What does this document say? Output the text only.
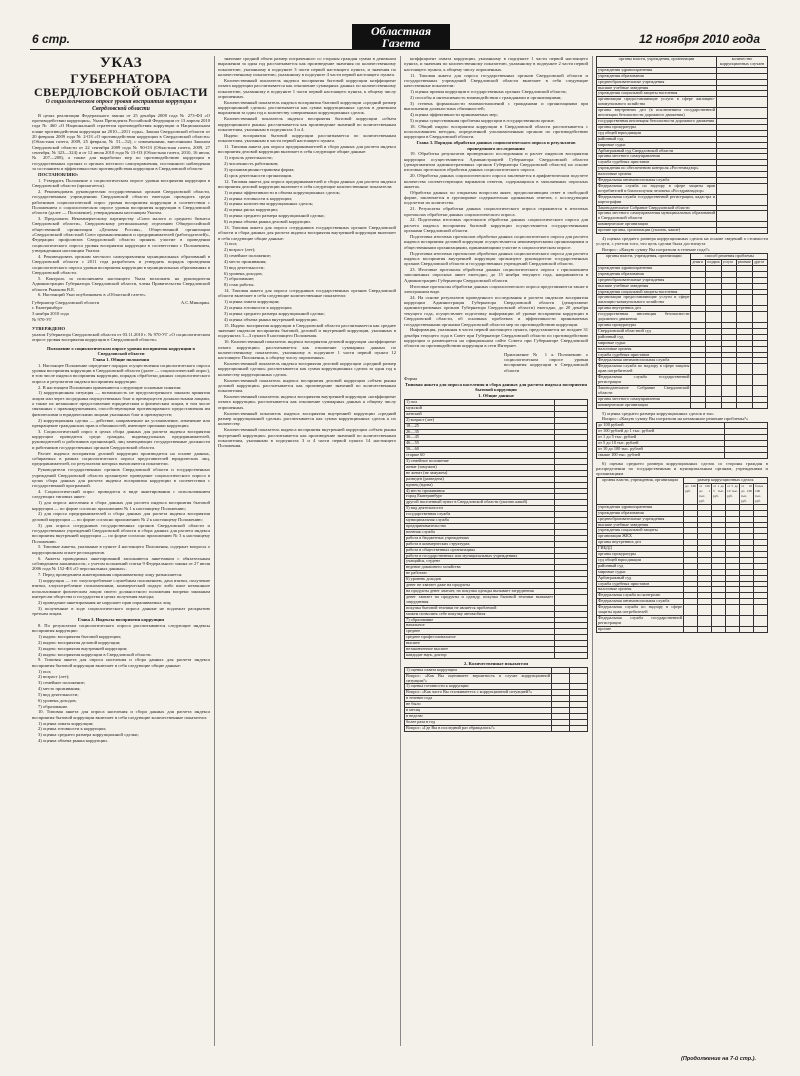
6 стр.
Областная
Газета	12 ноября 2010 года

УКАЗ

ГУБЕРНАТОРА

СВЕРДЛОВСКОЙ ОБЛАСТИ

О социологическом опросе уровня восприятия коррупции в Свердловской области

В целях реализации Федерального закона от 25 декабря 2008 года № 273-ФЗ «О противодействии коррупции», Указа Президента Российской Федерации от 13 апреля 2010 года № 460 «О Национальной стратегии противодействия коррупции и Национальном плане противодействия коррупции на 2010—2011 годы», Закона Свердловской области от 20 февраля 2009 года № 2-ОЗ «О противодействии коррупции в Свердловской области» (Областная газета, 2009, 25 февраля, № 51—52), с изменениями, внесенными Законом Свердловской области от 22 сентября 2009 года № 90-ОЗ (Областная газета, 2009, 27 сентября, № 323—324) и от 12 июля 2010 года № 13-ОЗ (Областная газета, 2010, 16 июля, № 207—208), а также для выработки мер по противодействию коррупции в государственных органах и органах местного самоуправления, постоянного наблюдения за состоянием и эффективностью противодействия коррупции в Свердловской области

ПОСТАНОВЛЯЮ:

1. Утвердить Положение о социологическом опросе уровня восприятия коррупции в Свердловской области (прилагается).

2. Рекомендовать руководителям государственных органов Свердловской области, государственным учреждениям Свердловской области ежегодно проводить среди работников социологический опрос уровня восприятия коррупции в соответствии с Положением о социологическом опросе уровня восприятия коррупции в Свердловской области (далее — Положение), утвержденным настоящим Указом.

3. Предложить Некоммерческому партнерству «Союз малого и среднего бизнеса Свердловской области», Свердловскому региональному отделению Общероссийской общественной организации «Деловая Россия», Общественной организации «Свердловский областной Союз промышленников и предпринимателей (работодателей)», Федерации профсоюзов Свердловской области принять участие в проведении социологического опроса уровня восприятия коррупции в соответствии с Положением, утвержденным настоящим Указом.

4. Рекомендовать органам местного самоуправления муниципальных образований в Свердловской области с 2011 года разработать и утвердить порядок проведения социологического опроса уровня восприятия коррупции в муниципальных образованиях в Свердловской области.

5. Контроль за исполнением настоящего Указа возложить на руководителя Администрации Губернатора Свердловской области, члена Правительства Свердловской области Рыжкова В.Е.

6. Настоящий Указ опубликовать в «Областной газете».

Губернатор Свердловской области	А.С.Мишарин.

г. Екатеринбург

3 ноября 2010 года

№ 970-УГ

УТВЕРЖДЕНО

указом Губернатора Свердловской области от 03.11.2010 г. № 970-УГ «О социологическом опросе уровня восприятия коррупции в Свердловской области»

Положение о социологическом опросе уровня восприятия коррупции в Свердловской области

Глава 1. Общие положения

1. Настоящее Положение определяет порядок осуществления социологического опроса уровня восприятия коррупции в Свердловской области (далее — социологический опрос), в том числе индекса восприятия коррупции, порядок обработки данных социологического опроса и результатов индекса восприятия коррупции.

2. В настоящем Положении применяются следующие основные понятия:

1) коррупционная ситуация — возможность не предусмотренного законом принятия лицом или через посредника имущественных благ и преимуществ должностными лицами, а также их незаконное предоставление юридическим и физическим лицам, в том числе связанных с правонарушениями, способствующими противоправного предоставления им физическими и юридическими лицами указанных благ и преимуществ;

2) коррупционная сделка — действие, направленное на установление, изменение или прекращение гражданских прав и обязанностей, имеющее признаки коррупции;

3. Социологический опрос в целях сбора данных для расчета индекса восприятия коррупции проводится среди граждан, индивидуальных предпринимателей, руководителей и работников организаций, лиц замещающих государственные должности и работников государственных органов Свердловской области.

Расчет индекса восприятия деловой коррупции производится на основе данных, собираемых в рамках социологического опроса представителей юридических лиц, предпринимателей, по результатам которых вычисляются показатели.

Руководители государственных органов Свердловской области и государственных учреждений Свердловской области организуют проведение социологического опроса в целях сбора данных для расчета индекса восприятия коррупции в соответствии с государственной программой.

4. Социологический опрос проводится в виде анкетирования с использованием следующих типовых анкет:

1) для опроса населения и сбора данных для расчета индекса восприятия бытовой коррупции — по форме согласно приложению № 1 к настоящему Положению;

2) для опроса предпринимателей и сбора данных для расчета индекса восприятия деловой коррупции — по форме согласно приложению № 2 к настоящему Положению;

3) для опроса сотрудников государственных органов Свердловской области и государственных учреждений Свердловской области и сбора данных для расчета индекса восприятия внутренней коррупции — по форме согласно приложению № 3 к настоящему Положению.

5. Типовые анкеты, указанные в пункте 4 настоящего Положения, содержат вопросы о коррупционном опыте респондентов.

6. Анкеты проводимых анкетирований заполняются анкетчиком с обязательным соблюдением анонимности, с учетом положений статьи 9 Федерального закона от 27 июля 2006 года № 152-ФЗ «О персональных данных».

7. Перед проведением анкетирования опрашиваемому лицу разъясняется:

1) коррупция — это злоупотребление служебным положением, дача взятки, получение взятки, злоупотребление полномочиями, коммерческий подкуп либо иное незаконное использование физическим лицом своего должностного положения вопреки законным интересам общества и государства в целях получения выгоды;

2) проведение анкетирования не нарушает прав опрашиваемых лиц;

3) полученные в ходе социологического опроса данные не подлежат раскрытию третьим лицам.

Глава 2. Индексы восприятия коррупции

8. По результатам социологического опроса рассчитываются следующие индексы восприятия коррупции:

1) индекс восприятия бытовой коррупции;

2) индекс восприятия деловой коррупции;

3) индекс восприятия внутренней коррупции;

4) индекс восприятия коррупции в Свердловской области.

9. Типовая анкета для опроса населения и сбора данных для расчета индекса восприятия бытовой коррупции включает в себя следующие общие данные:

1) пол;

2) возраст (лет);

3) семейное положение;

4) место проживания;

5) вид деятельности;

6) уровень доходов;

7) образование.

10. Типовая анкета для опроса населения и сбора данных для расчета индекса восприятия бытовой коррупции включает в себя следующие количественные показатели:

1) оценка охвата коррупции;

2) оценка готовности к коррупции;

3) оценка среднего размера коррупционной сделки;

4) оценка объема рынка коррупции.

значение средний объем размер потраченного со стороны граждан сумма в денежном выражении за один год рассчитывается как произведение значения по количественному показателю, указанному в подпункте 3 части первой настоящего пункта, и значения по количественному показателю, указанному в подпункте 4 части первой настоящего пункта.

Количественный показатель индекса восприятия бытовой коррупции коэффициент охвата коррупции рассчитывается как отношение суммарных данных по количественному показателю, указанному в подпункте 1 части первой настоящего пункта, к общему числу опрошенных.

Количественный показатель индекса восприятия бытовой коррупции «средний размер коррупционной сделки» рассчитывается как сумма коррупционных сделок в денежном выражении за один год к количеству совершенных коррупционных сделок.

Количественный показатель индекса восприятия бытовой коррупции «объем коррупционного рынка» рассчитывается как произведение значений по количественным показателям, указанным в подпунктах 3 и 4.

Индекс восприятия бытовой коррупции рассчитывается по количественным показателям, указанным в части первой настоящего пункта.

11. Типовая анкета для опроса предпринимателей и сбора данных для расчета индекса восприятия деловой коррупции включает в себя следующие общие данные:

1) отрасль деятельности;

2) численность работников;

3) организационно-правовая форма;

4) срок деятельности организации.

12. Типовая анкета для опроса предпринимателей и сбора данных для расчета индекса восприятия деловой коррупции включает в себя следующие количественные показатели:

1) оценка эффективности и объема коррупционных сделок;

2) оценка готовности к коррупции;

3) оценка количества коррупционных сделок;

4) оценка риска коррупции;

5) оценка среднего размера коррупционной сделки;

6) оценка объема рынка деловой коррупции.

13. Типовая анкета для опроса сотрудников государственных органов Свердловской области и сбора данных для расчета индекса восприятия внутренней коррупции включает в себя следующие общие данные:

1) пол;

2) возраст (лет);

3) семейное положение;

4) место проживания;

5) вид деятельности;

6) уровень доходов;

7) образование;

8) стаж работы.

14. Типовая анкета для опроса сотрудников государственных органов Свердловской области включает в себя следующие количественные показатели:

1) оценка охвата коррупции;

2) оценка готовности к коррупции;

3) оценка среднего размера коррупционной сделки;

4) оценка объема рынка внутренней коррупции.

15. Индекс восприятия коррупции в Свердловской области рассчитывается как среднее значение индексов восприятия бытовой, деловой и внутренней коррупции, указанных в подпунктах 1—3 пункта 8 настоящего Положения.

16. Количественный показатель индекса восприятия деловой коррупции «коэффициент охвата коррупции» рассчитывается как отношение суммарных данных по количественному показателю, указанному в подпункте 1 части первой пункта 12 настоящего Положения, к общему числу опрошенных.

Количественный показатель индекса восприятия деловой коррупции «средний размер коррупционной сделки» рассчитывается как сумма коррупционных сделок за один год к количеству коррупционных сделок.

Количественный показатель индекса восприятия деловой коррупции «объем рынка деловой коррупции» рассчитывается как произведение значений по количественным показателям.

Количественный показатель индекса восприятия внутренней коррупции «коэффициент охвата коррупции» рассчитывается как отношение суммарных данных к общему числу опрошенных.

Количественный показатель индекса восприятия внутренней коррупции «средний размер коррупционной сделки» рассчитывается как сумма коррупционных сделок к их количеству.

Количественный показатель индекса восприятия внутренней коррупции «объем рынка внутренней коррупции» рассчитывается как произведение значений по количественным показателям, указанным в подпунктах 3 и 4 части первой пункта 14 настоящего Положения.

коэффициент охвата коррупции, указанному в подпункте 1 части первой настоящего пункта, и значения по количественному показателю, указанному в подпункте 2 части первой настоящего пункта, к общему числу опрошенных.

11. Типовая анкета для опроса государственных органов Свердловской области и государственных учреждений Свердловской области включает в себя следующие качественные показатели:

1) оценка причин коррупции в государственных органах Свердловской области;

2) способы и интенсивность взаимодействия с гражданами и организациями;

3) степень формальности взаимоотношений с гражданами и организациями при выполнении должностных обязанностей;

4) оценка эффективности принимаемых мер;

5) оценка существования проблемы коррупции в государственном органе.

18. Общий индекс восприятия коррупции в Свердловской области рассчитывается с использованием методик, определенной уполномоченным органом по противодействию коррупции в Свердловской области.

Глава 3. Порядок обработки данных социологического опроса и результатов проведенного исследования

19. Обработка результатов проведенного исследования и расчет индексов восприятия коррупции осуществляются Администрацией Губернатора Свердловской области (департаментом административных органов Губернатора Свердловской области) на основе итоговых протоколов обработки данных социологического опроса.

20. Обработка данных социологического опроса заключается в арифметическом подсчете количества соответствующих вариантов ответов, содержащихся в заполненных опросных анкетах.

Обработка данных по открытым вопросам анкет, предполагающим ответ в свободной форме, заключается в группировке содержательно одинаковых ответов, с последующим подсчетом их количества.

21. Результаты обработки данных социологического опроса отражаются в итоговых протоколах обработки данных социологического опроса.

22. Подготовка итоговых протоколов обработки данных социологического опроса для расчета индекса восприятия бытовой коррупции осуществляется государственными органами Свердловской области.

Подготовка итоговых протоколов обработки данных социологического опроса для расчета индекса восприятия деловой коррупции осуществляется некоммерческими организациями и общественными организациями, принимающими участие в социологическом опросе.

Подготовка итоговых протоколов обработки данных социологического опроса для расчета индекса восприятия внутренней коррупции организуют руководители государственных органов Свердловской области и государственных учреждений Свердловской области.

23. Итоговые протоколы обработки данных социологического опроса с приложением заполненных опросных анкет ежегодно, до 15 ноября текущего года, направляются в Администрацию Губернатора Свердловской области.

Итоговые протоколы обработки данных социологического опроса представляются также в электронном виде.

24. На основе результатов проведенного исследования и расчета индексов восприятия коррупции Администрация Губернатора Свердловской области (департамент административных органов Губернатора Свердловской области) ежегодно, до 20 декабря текущего года, осуществляет подготовку информации об уровне восприятия коррупции в Свердловской области, об основных проблемах и эффективности принимаемых государственными органами Свердловской области мер по противодействию коррупции.

Информация, указанная в части первой настоящего пункта, представляется не позднее 31 декабря текущего года в Совет при Губернаторе Свердловской области по противодействию коррупции и размещается на официальном сайте Совета при Губернаторе Свердловской области по противодействию коррупции в сети Интернет.

Приложение № 1 к Положению о социологическом опросе уровня восприятия коррупции в Свердловской области

Форма

Типовая анкета для опроса населения и сбора данных для расчета индекса восприятия бытовой коррупции

1. Общие данные

1) пол	
мужской	
женский	
2) возраст (лет)	
18—25	
26—35	
36—45	
46—55	
56—60	
старше 60	
3) семейное положение	
женат (замужем)	
не женат (не замужем)	
разведен (разведена)	
вдовец (вдова)	
4) место проживания	
город Екатеринбург	
другой населенный пункт в Свердловской области (указать какой)	
5) вид деятельности	
государственная служба	
муниципальная служба	
предпринимательство	
военная служба	
работа в бюджетных учреждениях	
работа в коммерческих структурах	
работа в общественных организациях	
работа в государственных или муниципальных учреждениях	
учащийся, студент	
ведение домашнего хозяйства	
не работаю	
6) уровень доходов	
денег не хватает даже на продукты	
на продукты денег хватает, но покупка одежды вызывает затруднения	
денег хватает на продукты и одежду, покупка бытовой техники вызывает затруднения	
покупка бытовой техники не является проблемой	
можем позволить себе покупку автомобиля	
7) образование	
начальное	
среднее	
среднее профессиональное	
высшее	
незаконченное высшее	
кандидат наук, доктор	

2. Количественные показатели

1) оценка охвата коррупции		
Вопрос: «Как Вы оцениваете вероятность в случае коррупционной ситуации?»		
1) оценка готовности к коррупции		
Вопрос: «Как часто Вы сталкиваетесь с коррупционной ситуацией?»		
в течение года		
не было		
в месяц		
в неделю		
более раза в год		
Вопрос: «Где Вы в последний раз обращались?»		
органы власти, учреждения, организации	количество коррупционных случаев
учреждения здравоохранения	
учреждения образования	
среднеобразовательные учреждения	
высшие учебные заведения	
учреждения социальной защиты населения	
организации предоставляющие услуги в сфере жилищно-коммунального хозяйства	
органы внутренних дел (в исключением государственной инспекции безопасности дорожного движения)	
государственная инспекция безопасности дорожного движения	
органы прокуратуры	
суд общей юрисдикции	
районный суд	
мировые судьи	
Арбитражный суд Свердловской области	
органы местного самоуправления	
служба судебных приставов	
учреждения по обеспечению контроля «Ростехнадзор»	
налоговые органы	
Федеральная антимонопольная служба	
Федеральная служба по надзору в сфере защиты прав потребителей и благополучия человека «Росздравнадзор»	
Федеральная служба государственной регистрации, кадастра и картографии	
Законодательное Собрание Свердловской области	
органы местного самоуправления муниципальных образований в Свердловской области	
коммерческие организации	
прочие органы, организации (указать, какие)	

4) оценка среднего размера коррупционных сделок на основе сведений о стоимости услуги, с учетом того, что цель сделки была достигнута

Вопрос: «Какую сумму Вы потратили в течение года?»

органы власти, учреждения, организации	способ решения проблемы				
	деньги	подарок	услуга	решение	другое
учреждения здравоохранения					
учреждения образования					
среднеобразовательные учреждения					
высшие учебные заведения					
учреждения социальной защиты населения					
организации предоставляющие услуги в сфере жилищно-коммунального хозяйства					
органы внутренних дел					
государственная инспекция безопасности дорожного движения					
органы прокуратуры					
Свердловский областной суд					
районный суд					
мировые судьи					
налоговые органы					
служба судебных приставов					
Федеральная антимонопольная служба					
Федеральная служба по надзору в сфере защиты прав потребителей					
Федеральная служба государственной регистрации					
Законодательное Собрание Свердловской области					
органы местного самоуправления					
коммерческие организации					

5) оценка среднего размера коррупционных сделок в тыс.

Вопрос: «Какую сумму Вы потратили на незаконное решение проблемы?»

до 100 рублей	
от 100 рублей до 1 тыс. рублей	
от 1 до 5 тыс. рублей	
от 5 до 10 тыс. рублей	
от 10 до 100 тыс. рублей	
свыше 100 тыс. рублей	

6) оценка среднего размера коррупционных сделок со стороны граждан в распределении по государственным и муниципальным органам, учреждениям и организациям

органы власти, учреждения, организации	размер коррупционных сделок					
	до 100 руб.	от 100 до 1 тыс. руб.	от 1 до 5 тыс. руб.	от 5 до 10 тыс. руб.	от 10 до 100 тыс. руб.	более 100 тыс. руб.
учреждения здравоохранения						
учреждения образования						
среднеобразовательные учреждения						
высшие учебные заведения						
учреждения социальной защиты						
организации ЖКХ						
органы внутренних дел						
ГИБДД						
органы прокуратуры						
суд общей юрисдикции						
районный суд						
мировые судьи						
Арбитражный суд						
служба судебных приставов						
налоговые органы						
Федеральная служба по контролю						
Федеральная антимонопольная служба						
Федеральная служба по надзору в сфере защиты прав потребителей						
Федеральная служба государственной регистрации						
прочие						
(Продолжение на 7-й стр.).
